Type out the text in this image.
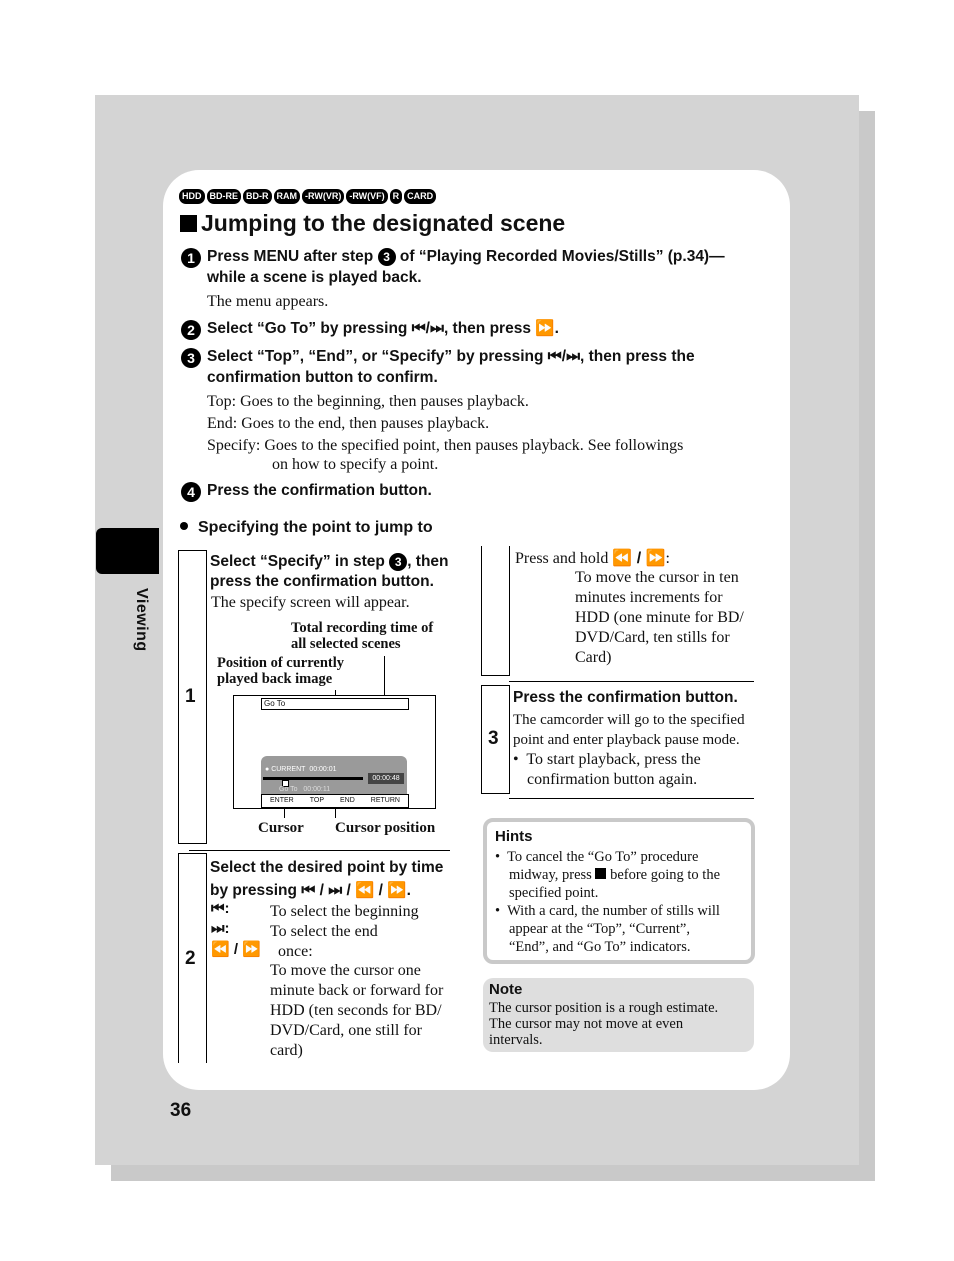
Viewing
36
HDD BD-RE BD-R RAM -RW(VR) -RW(VF) R CARD
Jumping to the designated scene
1 Press MENU after step 3 of “Playing Recorded Movies/Stills” (p.34)—
while a scene is played back.
The menu appears.
2 Select “Go To” by pressing ⏮/⏭, then press ⏩.
3 Select “Top”, “End”, or “Specify” by pressing ⏮/⏭, then press the
confirmation button to confirm.
Top: Goes to the beginning, then pauses playback.
End: Goes to the end, then pauses playback.
Specify: Goes to the specified point, then pauses playback. See followings
on how to specify a point.
4 Press the confirmation button.
Specifying the point to jump to
1
Select “Specify” in step 3 , then
press the confirmation button.
The specify screen will appear.
Total recording time of
all selected scenes
Position of currently
played back image
Go To
● CURRENT 00:00:01
00:00:48
Go To 00:00:11
ENTER TOP END RETURN
Cursor Cursor position
2
Select the desired point by time
by pressing ⏮ / ⏭ / ⏪ / ⏩.
⏮:	To select the beginning
⏭:	To select the end
⏪ / ⏩ once:
To move the cursor one
minute back or forward for
HDD (ten seconds for BD/
DVD/Card, one still for
card)
Press and hold ⏪ / ⏩:
To move the cursor in ten
minutes increments for
HDD (one minute for BD/
DVD/Card, ten stills for
Card)
3
Press the confirmation button.
The camcorder will go to the specified
point and enter playback pause mode.
•  To start playback, press the
confirmation button again.
Hints
•  To cancel the “Go To” procedure
midway, press before going to the
specified point.
•  With a card, the number of stills will
appear at the “Top”, “Current”,
“End”, and “Go To” indicators.
Note
The cursor position is a rough estimate.
The cursor may not move at even
intervals.
